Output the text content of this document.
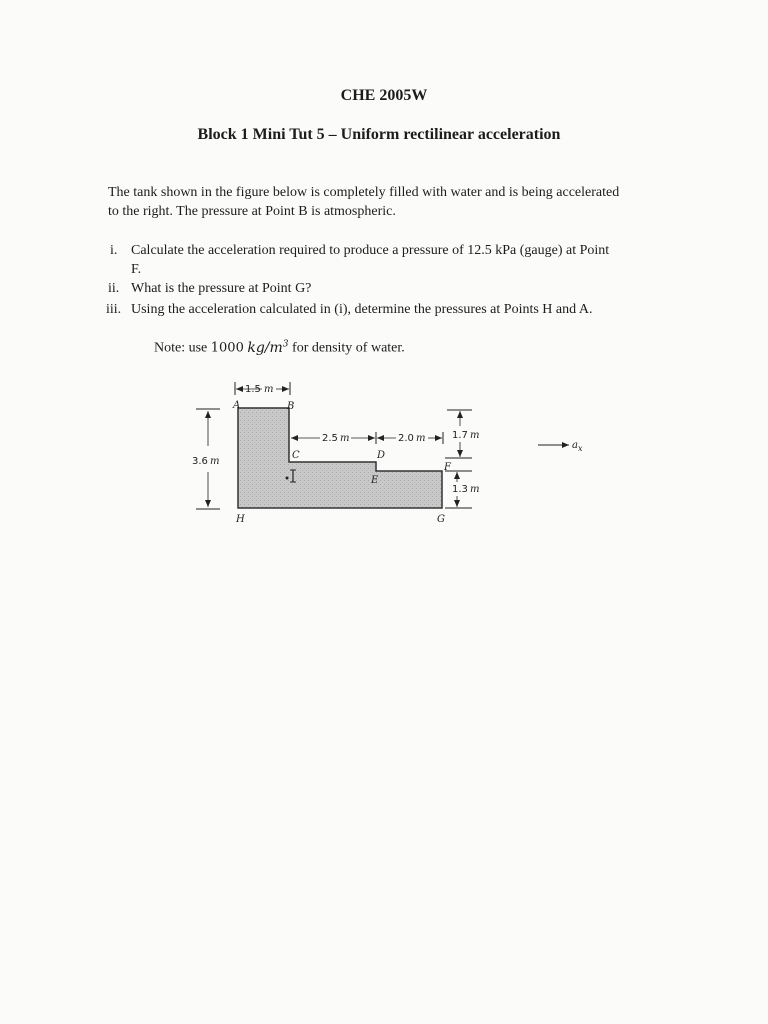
CHE 2005W
Block 1 Mini Tut 5 – Uniform rectilinear acceleration
The tank shown in the figure below is completely filled with water and is being accelerated
to the right. The pressure at Point B is atmospheric.
i. Calculate the acceleration required to produce a pressure of 12.5 kPa (gauge) at Point
F.
ii. What is the pressure at Point G?
iii. Using the acceleration calculated in (i), determine the pressures at Points H and A.
Note: use 1000 $kg/m^3$ for density of water.
A	B
C	D
E
F
G
H
1.5 m
2.5 m	2.0 m	1.7 m
1.3 m
3.6 m
$a_x$
